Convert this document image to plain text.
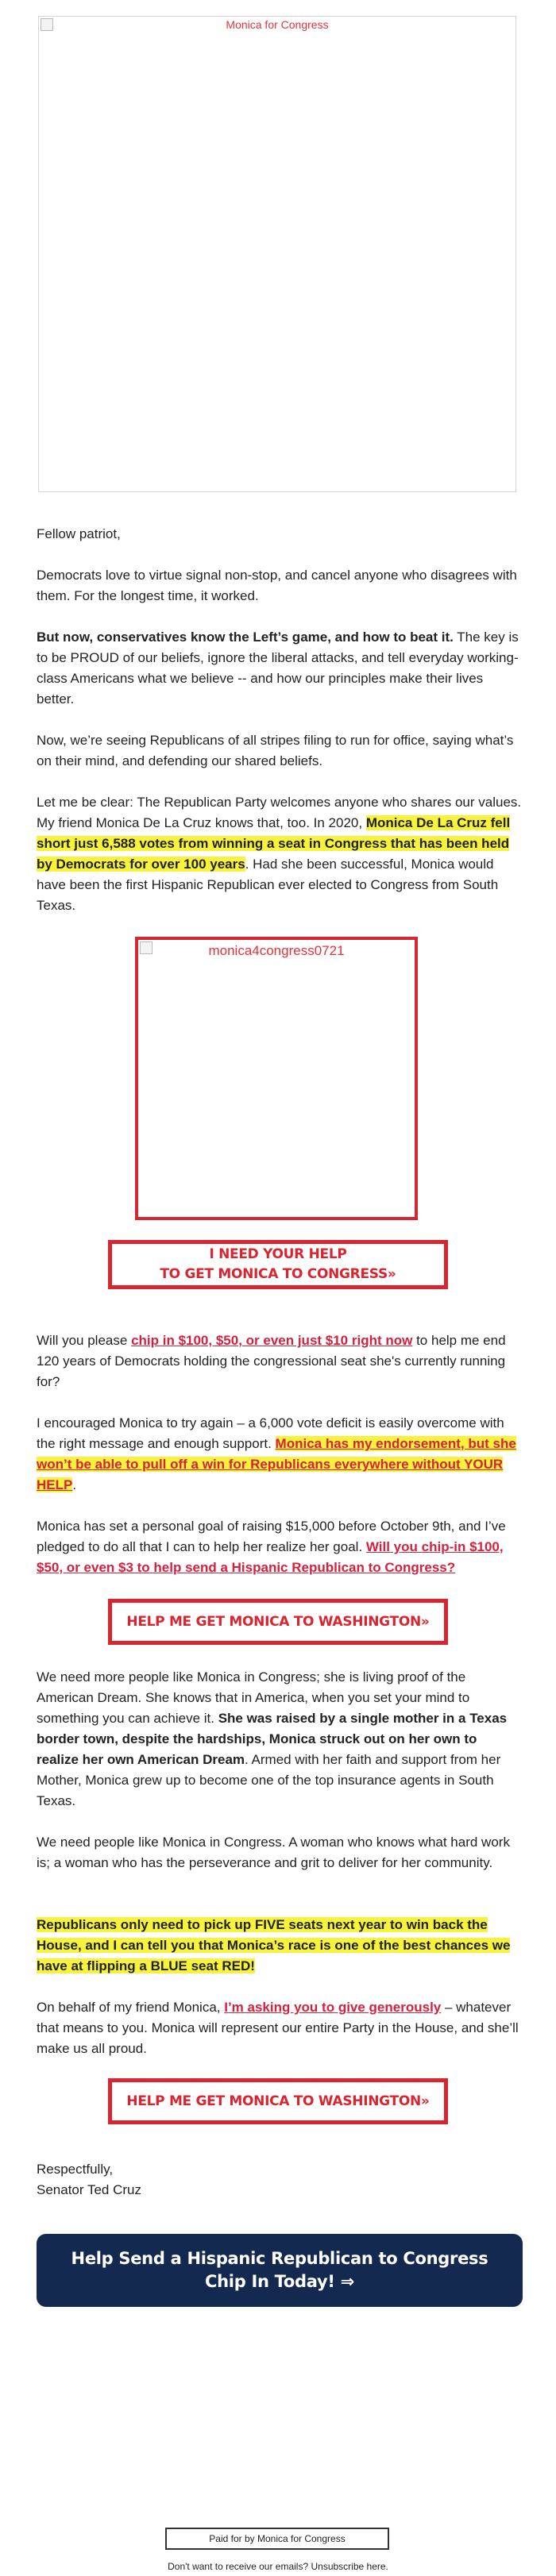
Monica for Congress

Fellow patriot,

Democrats love to virtue signal non-stop, and cancel anyone who disagrees with them. For the longest time, it worked.

But now, conservatives know the Left’s game, and how to beat it. The key is to be PROUD of our beliefs, ignore the liberal attacks, and tell everyday working-class Americans what we believe -- and how our principles make their lives better.

Now, we’re seeing Republicans of all stripes filing to run for office, saying what’s on their mind, and defending our shared beliefs.

Let me be clear: The Republican Party welcomes anyone who shares our values. My friend Monica De La Cruz knows that, too. In 2020, Monica De La Cruz fell short just 6,588 votes from winning a seat in Congress that has been held by Democrats for over 100 years. Had she been successful, Monica would have been the first Hispanic Republican ever elected to Congress from South Texas.

monica4congress0721
I NEED YOUR HELP
TO GET MONICA TO CONGRESS»

Will you please chip in $100, $50, or even just $10 right now to help me end 120 years of Democrats holding the congressional seat she's currently running for?

I encouraged Monica to try again – a 6,000 vote deficit is easily overcome with the right message and enough support. Monica has my endorsement, but she won’t be able to pull off a win for Republicans everywhere without YOUR HELP.

Monica has set a personal goal of raising $15,000 before October 9th, and I’ve pledged to do all that I can to help her realize her goal. Will you chip-in $100, $50, or even $3 to help send a Hispanic Republican to Congress?

HELP ME GET MONICA TO WASHINGTON»

We need more people like Monica in Congress; she is living proof of the American Dream. She knows that in America, when you set your mind to something you can achieve it. She was raised by a single mother in a Texas border town, despite the hardships, Monica struck out on her own to realize her own American Dream. Armed with her faith and support from her Mother, Monica grew up to become one of the top insurance agents in South Texas.

We need people like Monica in Congress. A woman who knows what hard work is; a woman who has the perseverance and grit to deliver for her community.

Republicans only need to pick up FIVE seats next year to win back the House, and I can tell you that Monica’s race is one of the best chances we have at flipping a BLUE seat RED!

On behalf of my friend Monica, I’m asking you to give generously – whatever that means to you. Monica will represent our entire Party in the House, and she’ll make us all proud.

HELP ME GET MONICA TO WASHINGTON»

Respectfully,

Senator Ted Cruz

Help Send a Hispanic Republican to Congress
Chip In Today! ⇒
Paid for by Monica for Congress
Don't want to receive our emails? Unsubscribe here.
